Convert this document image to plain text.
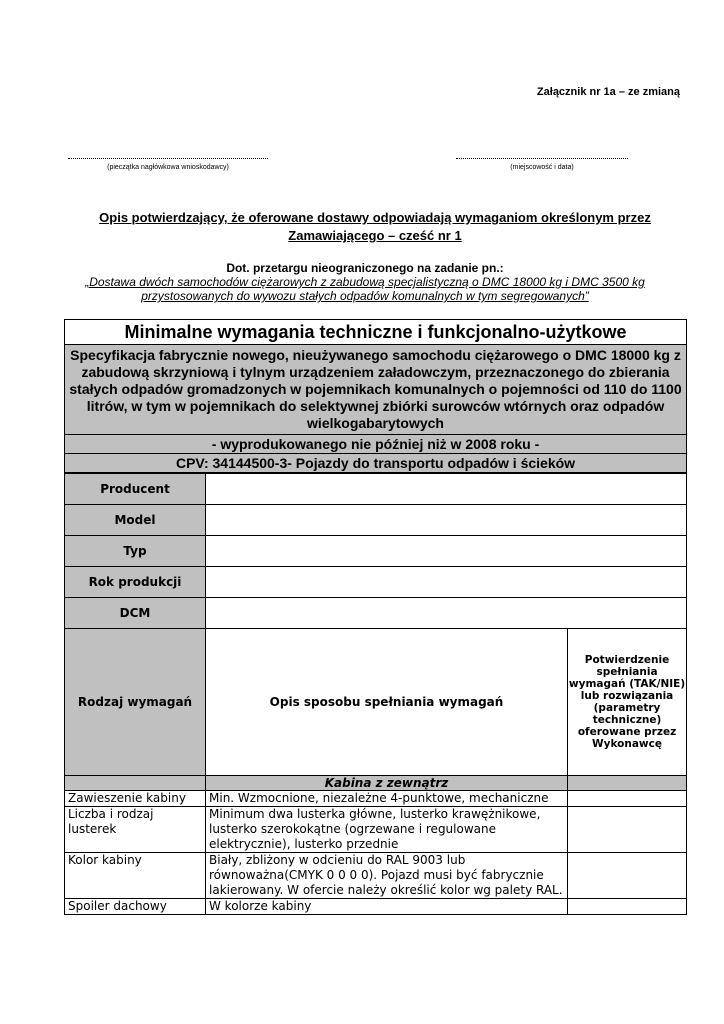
Załącznik nr 1a – ze zmianą
(pieczątka nagłówkowa wnioskodawcy)	(miejscowość i data)
Opis potwierdzający, że oferowane dostawy odpowiadają wymaganiom określonym przez Zamawiającego – cześć nr 1
Dot. przetargu nieograniczonego na zadanie pn.:
„Dostawa dwóch samochodów ciężarowych z zabudową specjalistyczną o DMC 18000 kg i DMC 3500 kg przystosowanych do wywozu stałych odpadów komunalnych w tym segregowanych”
Minimalne wymagania techniczne i funkcjonalno-użytkowe		
Specyfikacja fabrycznie nowego, nieużywanego samochodu ciężarowego o DMC 18000 kg z zabudową skrzyniową i tylnym urządzeniem załadowczym, przeznaczonego do zbierania stałych odpadów gromadzonych w pojemnikach komunalnych o pojemności od 110 do 1100 litrów, w tym w pojemnikach do selektywnej zbiórki surowców wtórnych oraz odpadów wielkogabarytowych		
- wyprodukowanego nie później niż w 2008 roku -		
CPV: 34144500-3- Pojazdy do transportu odpadów i ścieków		
Producent		
Model		
Typ		
Rok produkcji		
DCM		
Rodzaj wymagań	Opis sposobu spełniania wymagań	Potwierdzenie spełniania wymagań (TAK/NIE) lub rozwiązania (parametry techniczne) oferowane przez Wykonawcę
	Kabina z zewnątrz	
Zawieszenie kabiny	Min. Wzmocnione, niezależne 4-punktowe, mechaniczne	
Liczba i rodzaj lusterek	Minimum dwa lusterka główne, lusterko krawężnikowe, lusterko szerokokątne (ogrzewane i regulowane elektrycznie), lusterko przednie	
Kolor kabiny	Biały, zbliżony w odcieniu do RAL 9003 lub równoważna(CMYK 0 0 0 0). Pojazd musi być fabrycznie lakierowany. W ofercie należy określić kolor wg palety RAL.	
Spoiler dachowy	W kolorze kabiny	
